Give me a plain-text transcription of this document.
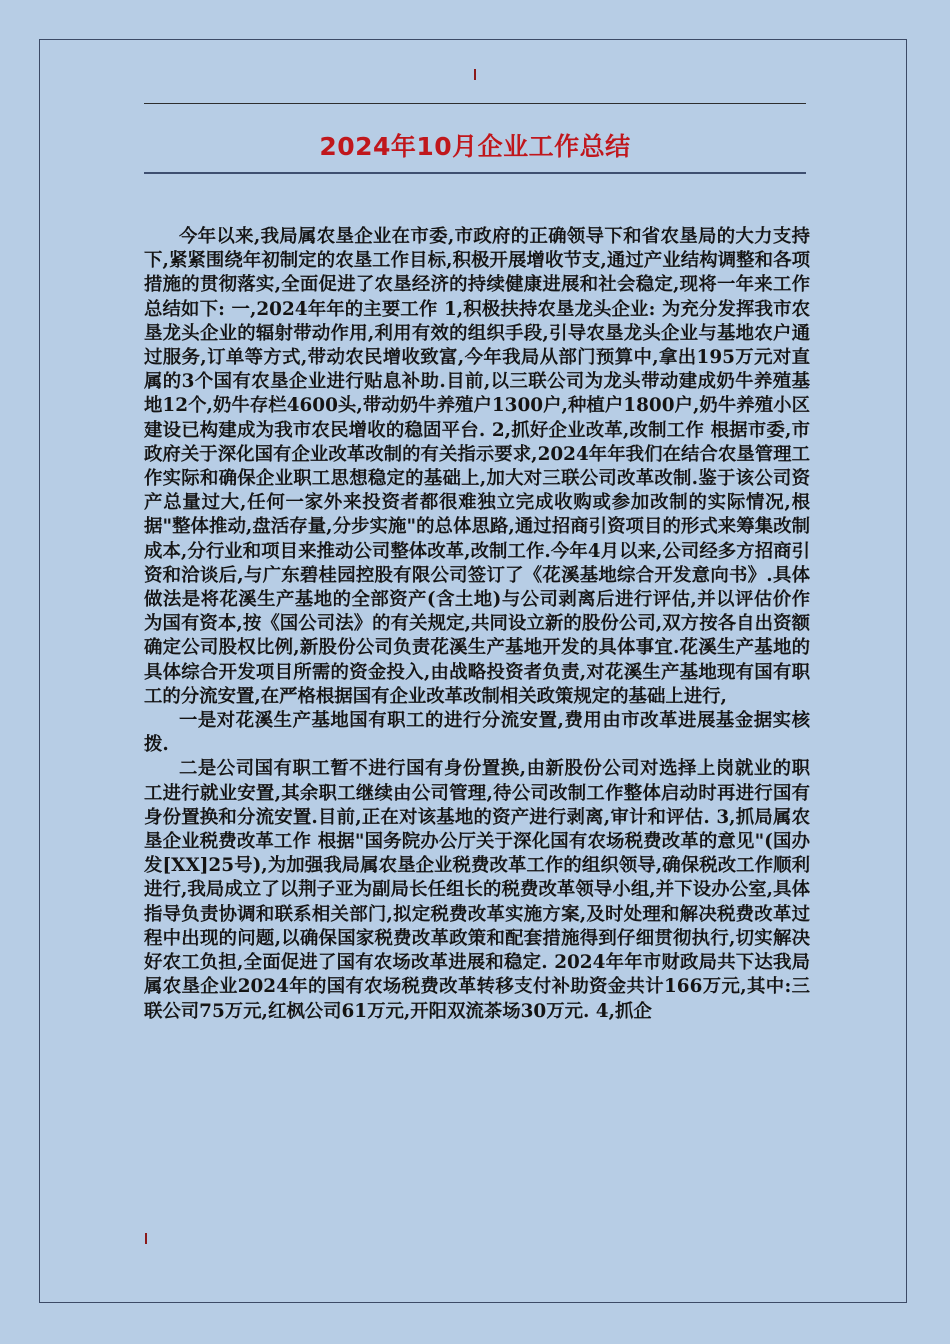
2024年10月企业工作总结

今年以来,我局属农垦企业在市委,市政府的正确领导下和省农垦局的大力支持下,紧紧围绕年初制定的农垦工作目标,积极开展增收节支,通过产业结构调整和各项措施的贯彻落实,全面促进了农垦经济的持续健康进展和社会稳定,现将一年来工作总结如下: 一,2024年年的主要工作 1,积极扶持农垦龙头企业: 为充分发挥我市农垦龙头企业的辐射带动作用,利用有效的组织手段,引导农垦龙头企业与基地农户通过服务,订单等方式,带动农民增收致富,今年我局从部门预算中,拿出195万元对直属的3个国有农垦企业进行贴息补助.目前,以三联公司为龙头带动建成奶牛养殖基地12个,奶牛存栏4600头,带动奶牛养殖户1300户,种植户1800户,奶牛养殖小区建设已构建成为我市农民增收的稳固平台. 2,抓好企业改革,改制工作 根据市委,市政府关于深化国有企业改革改制的有关指示要求,2024年年我们在结合农垦管理工作实际和确保企业职工思想稳定的基础上,加大对三联公司改革改制.鉴于该公司资产总量过大,任何一家外来投资者都很难独立完成收购或参加改制的实际情况,根据"整体推动,盘活存量,分步实施"的总体思路,通过招商引资项目的形式来筹集改制成本,分行业和项目来推动公司整体改革,改制工作.今年4月以来,公司经多方招商引资和洽谈后,与广东碧桂园控股有限公司签订了《花溪基地综合开发意向书》.具体做法是将花溪生产基地的全部资产(含土地)与公司剥离后进行评估,并以评估价作为国有资本,按《国公司法》的有关规定,共同设立新的股份公司,双方按各自出资额确定公司股权比例,新股份公司负责花溪生产基地开发的具体事宜.花溪生产基地的具体综合开发项目所需的资金投入,由战略投资者负责,对花溪生产基地现有国有职工的分流安置,在严格根据国有企业改革改制相关政策规定的基础上进行,

一是对花溪生产基地国有职工的进行分流安置,费用由市改革进展基金据实核拨.

二是公司国有职工暂不进行国有身份置换,由新股份公司对选择上岗就业的职工进行就业安置,其余职工继续由公司管理,待公司改制工作整体启动时再进行国有身份置换和分流安置.目前,正在对该基地的资产进行剥离,审计和评估. 3,抓局属农垦企业税费改革工作 根据"国务院办公厅关于深化国有农场税费改革的意见"(国办发[XX]25号),为加强我局属农垦企业税费改革工作的组织领导,确保税改工作顺利进行,我局成立了以荆子亚为副局长任组长的税费改革领导小组,并下设办公室,具体指导负责协调和联系相关部门,拟定税费改革实施方案,及时处理和解决税费改革过程中出现的问题,以确保国家税费改革政策和配套措施得到仔细贯彻执行,切实解决好农工负担,全面促进了国有农场改革进展和稳定. 2024年年市财政局共下达我局属农垦企业2024年的国有农场税费改革转移支付补助资金共计166万元,其中:三联公司75万元,红枫公司61万元,开阳双流茶场30万元. 4,抓企
